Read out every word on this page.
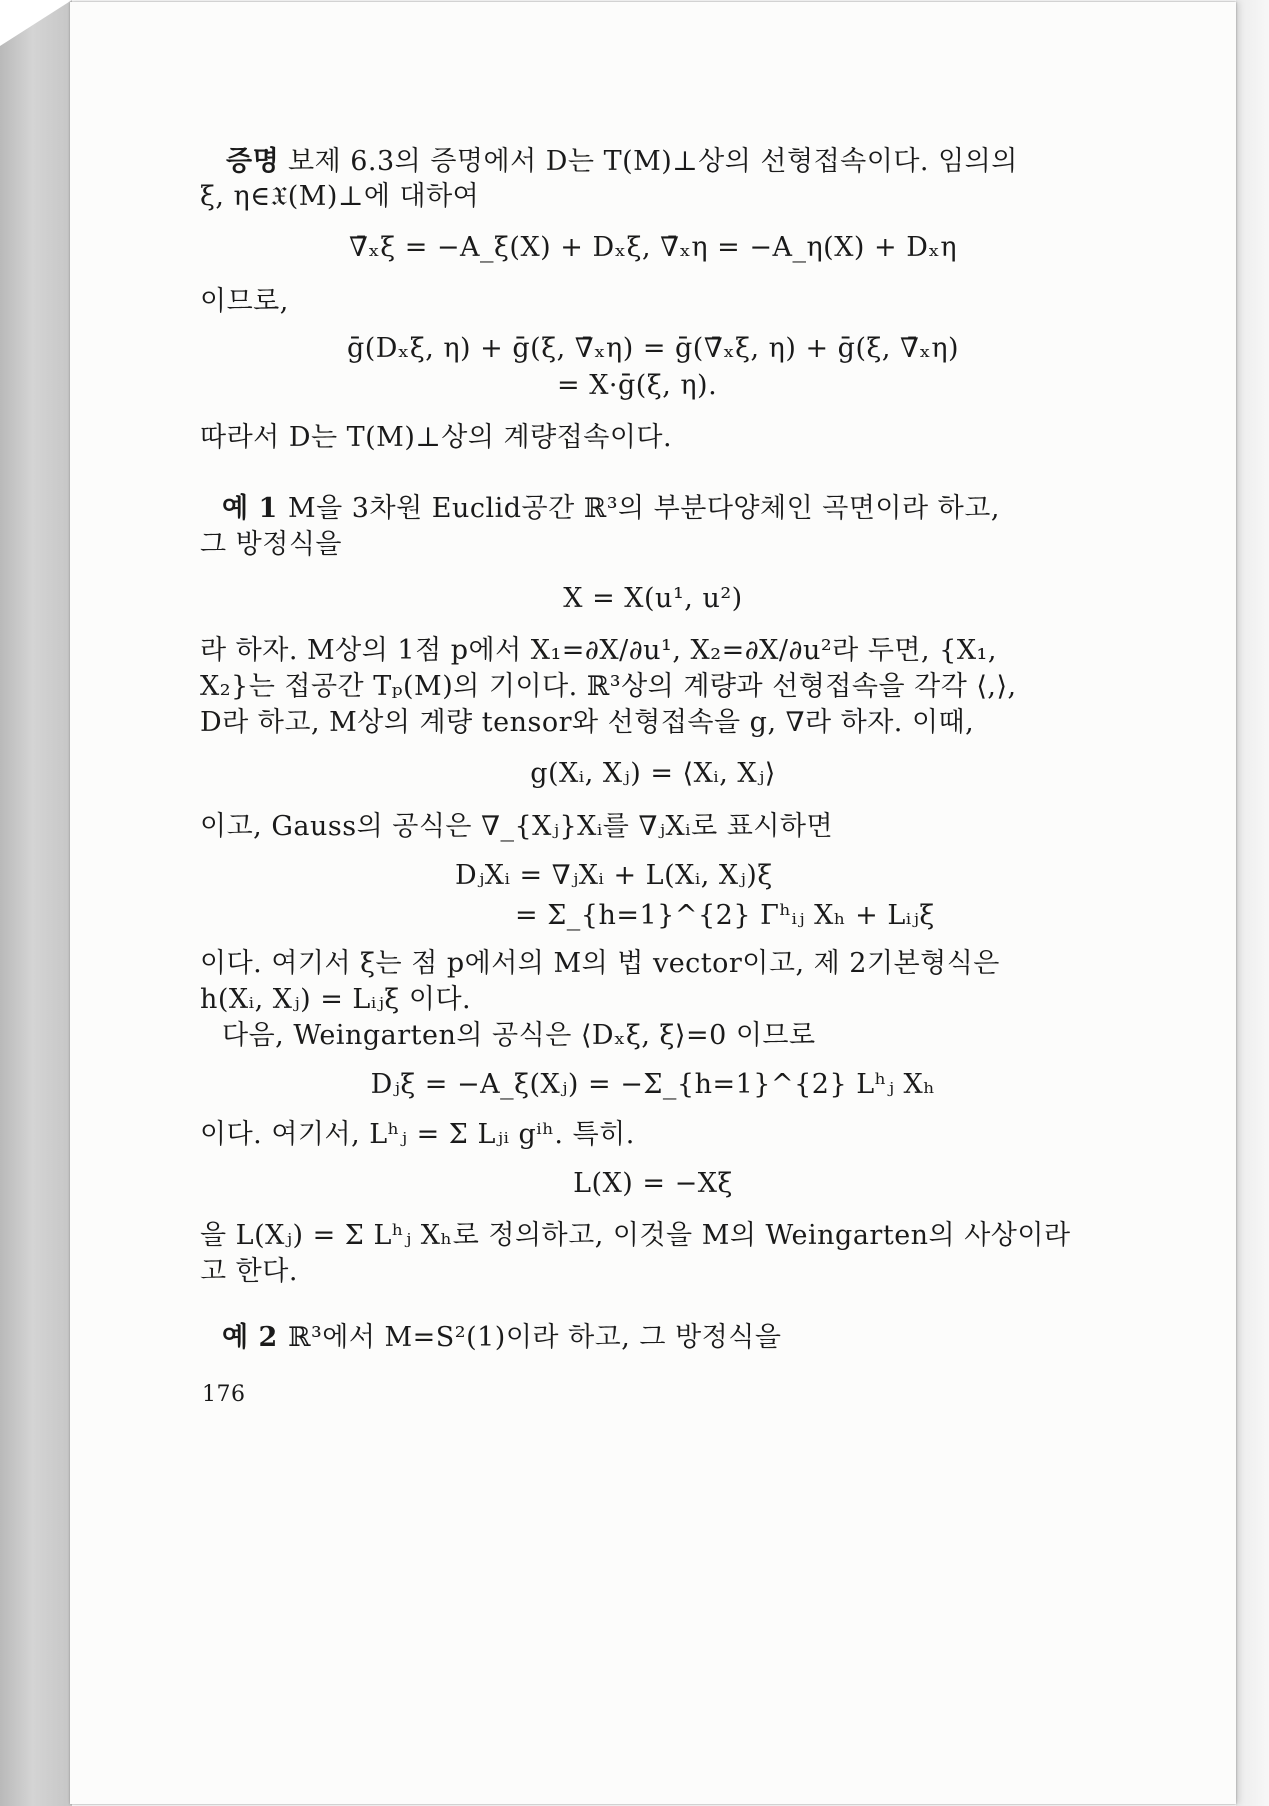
증명 보제 6.3의 증명에서 D는 T(M)⊥상의 선형접속이다. 임의의
ξ, η∈𝔛(M)⊥에 대하여
∇̄ₓξ = −A_ξ(X) + Dₓξ, ∇̄ₓη = −A_η(X) + Dₓη
이므로,
ḡ(Dₓξ, η) + ḡ(ξ, ∇̄ₓη) = ḡ(∇̄ₓξ, η) + ḡ(ξ, ∇̄ₓη)
= X·ḡ(ξ, η).
따라서 D는 T(M)⊥상의 계량접속이다.
예 1 M을 3차원 Euclid공간 ℝ³의 부분다양체인 곡면이라 하고,
그 방정식을
X = X(u¹, u²)
라 하자. M상의 1점 p에서 X₁=∂X/∂u¹, X₂=∂X/∂u²라 두면, {X₁,
X₂}는 접공간 Tₚ(M)의 기이다. ℝ³상의 계량과 선형접속을 각각 ⟨,⟩,
D라 하고, M상의 계량 tensor와 선형접속을 g, ∇라 하자. 이때,
g(Xᵢ, Xⱼ) = ⟨Xᵢ, Xⱼ⟩
이고, Gauss의 공식은 ∇_{Xⱼ}Xᵢ를 ∇ⱼXᵢ로 표시하면
DⱼXᵢ = ∇ⱼXᵢ + L(Xᵢ, Xⱼ)ξ
= Σ_{h=1}^{2} Γʰᵢⱼ Xₕ + Lᵢⱼξ
이다. 여기서 ξ는 점 p에서의 M의 법 vector이고, 제 2기본형식은
h(Xᵢ, Xⱼ) = Lᵢⱼξ 이다.
다음, Weingarten의 공식은 ⟨Dₓξ, ξ⟩=0 이므로
Dⱼξ = −A_ξ(Xⱼ) = −Σ_{h=1}^{2} Lʰⱼ Xₕ
이다. 여기서, Lʰⱼ = Σ Lⱼᵢ gⁱʰ. 특히.
L(X) = −Xξ
을 L(Xⱼ) = Σ Lʰⱼ Xₕ로 정의하고, 이것을 M의 Weingarten의 사상이라
고 한다.
예 2 ℝ³에서 M=S²(1)이라 하고, 그 방정식을
176
